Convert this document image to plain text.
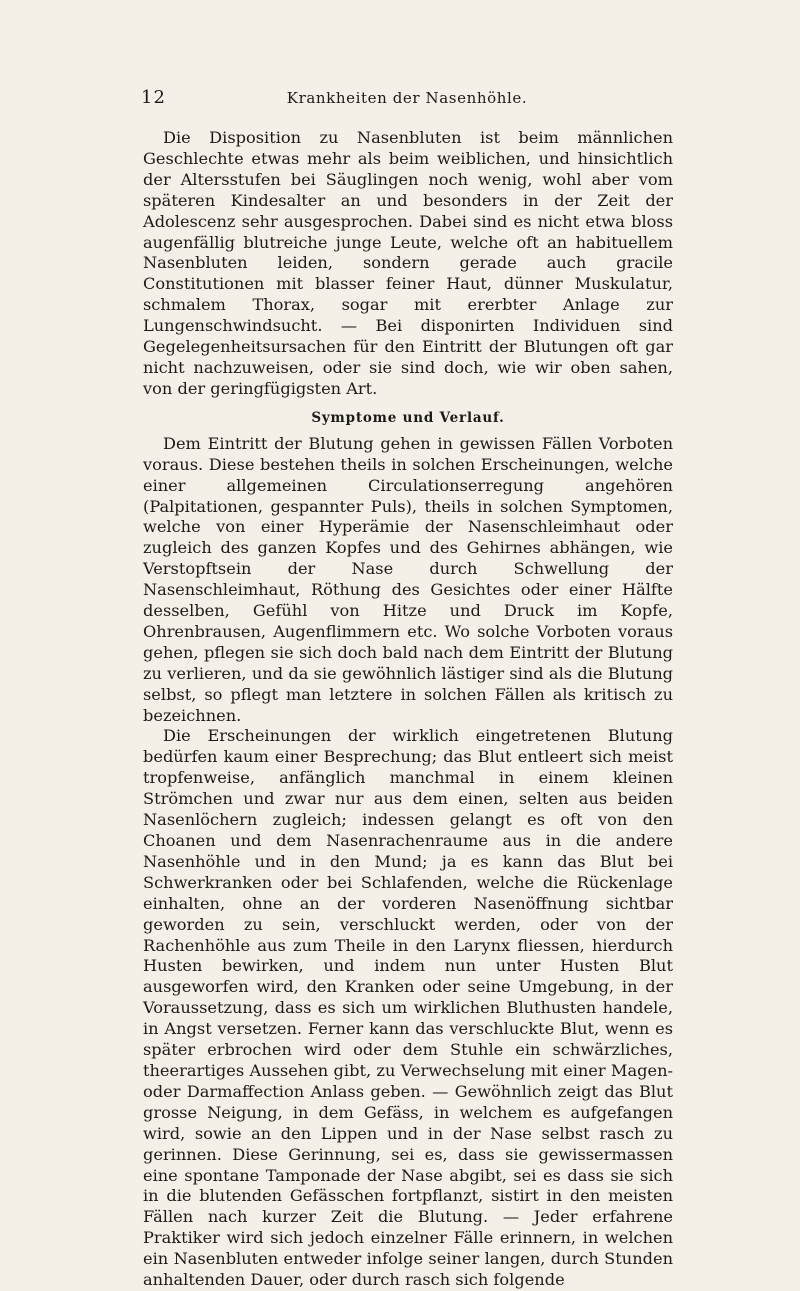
12	Krankheiten der Nasenhöhle.

Die Disposition zu Nasenbluten ist beim männlichen Geschlechte etwas mehr als beim weiblichen, und hinsichtlich der Altersstufen bei Säuglingen noch wenig, wohl aber vom späteren Kindesalter an und besonders in der Zeit der Adolescenz sehr ausgesprochen. Dabei sind es nicht etwa bloss augenfällig blutreiche junge Leute, welche oft an habituellem Nasenbluten leiden, sondern gerade auch gracile Constitutionen mit blasser feiner Haut, dünner Muskulatur, schmalem Thorax, sogar mit ererbter Anlage zur Lungenschwindsucht. — Bei disponirten Individuen sind Gegelegenheitsursachen für den Eintritt der Blutungen oft gar nicht nachzuweisen, oder sie sind doch, wie wir oben sahen, von der geringfügigsten Art.

Symptome und Verlauf.

Dem Eintritt der Blutung gehen in gewissen Fällen Vorboten voraus. Diese bestehen theils in solchen Erscheinungen, welche einer allgemeinen Circulationserregung angehören (Palpitationen, gespannter Puls), theils in solchen Symptomen, welche von einer Hyperämie der Nasenschleimhaut oder zugleich des ganzen Kopfes und des Gehirnes abhängen, wie Verstopftsein der Nase durch Schwellung der Nasenschleimhaut, Röthung des Gesichtes oder einer Hälfte desselben, Gefühl von Hitze und Druck im Kopfe, Ohrenbrausen, Augenflimmern etc. Wo solche Vorboten voraus gehen, pflegen sie sich doch bald nach dem Eintritt der Blutung zu verlieren, und da sie gewöhnlich lästiger sind als die Blutung selbst, so pflegt man letztere in solchen Fällen als kritisch zu bezeichnen.

Die Erscheinungen der wirklich eingetretenen Blutung bedürfen kaum einer Besprechung; das Blut entleert sich meist tropfenweise, anfänglich manchmal in einem kleinen Strömchen und zwar nur aus dem einen, selten aus beiden Nasenlöchern zugleich; indessen gelangt es oft von den Choanen und dem Nasenrachenraume aus in die andere Nasenhöhle und in den Mund; ja es kann das Blut bei Schwerkranken oder bei Schlafenden, welche die Rückenlage einhalten, ohne an der vorderen Nasenöffnung sichtbar geworden zu sein, verschluckt werden, oder von der Rachenhöhle aus zum Theile in den Larynx fliessen, hierdurch Husten bewirken, und indem nun unter Husten Blut ausgeworfen wird, den Kranken oder seine Umgebung, in der Voraussetzung, dass es sich um wirklichen Bluthusten handele, in Angst versetzen. Ferner kann das verschluckte Blut, wenn es später erbrochen wird oder dem Stuhle ein schwärzliches, theerartiges Aussehen gibt, zu Verwechselung mit einer Magen- oder Darmaffection Anlass geben. — Gewöhnlich zeigt das Blut grosse Neigung, in dem Gefäss, in welchem es aufgefangen wird, sowie an den Lippen und in der Nase selbst rasch zu gerinnen. Diese Gerinnung, sei es, dass sie gewissermassen eine spontane Tamponade der Nase abgibt, sei es dass sie sich in die blutenden Gefässchen fortpflanzt, sistirt in den meisten Fällen nach kurzer Zeit die Blutung. — Jeder erfahrene Praktiker wird sich jedoch einzelner Fälle erinnern, in welchen ein Nasenbluten entweder infolge seiner langen, durch Stunden anhaltenden Dauer, oder durch rasch sich folgende
